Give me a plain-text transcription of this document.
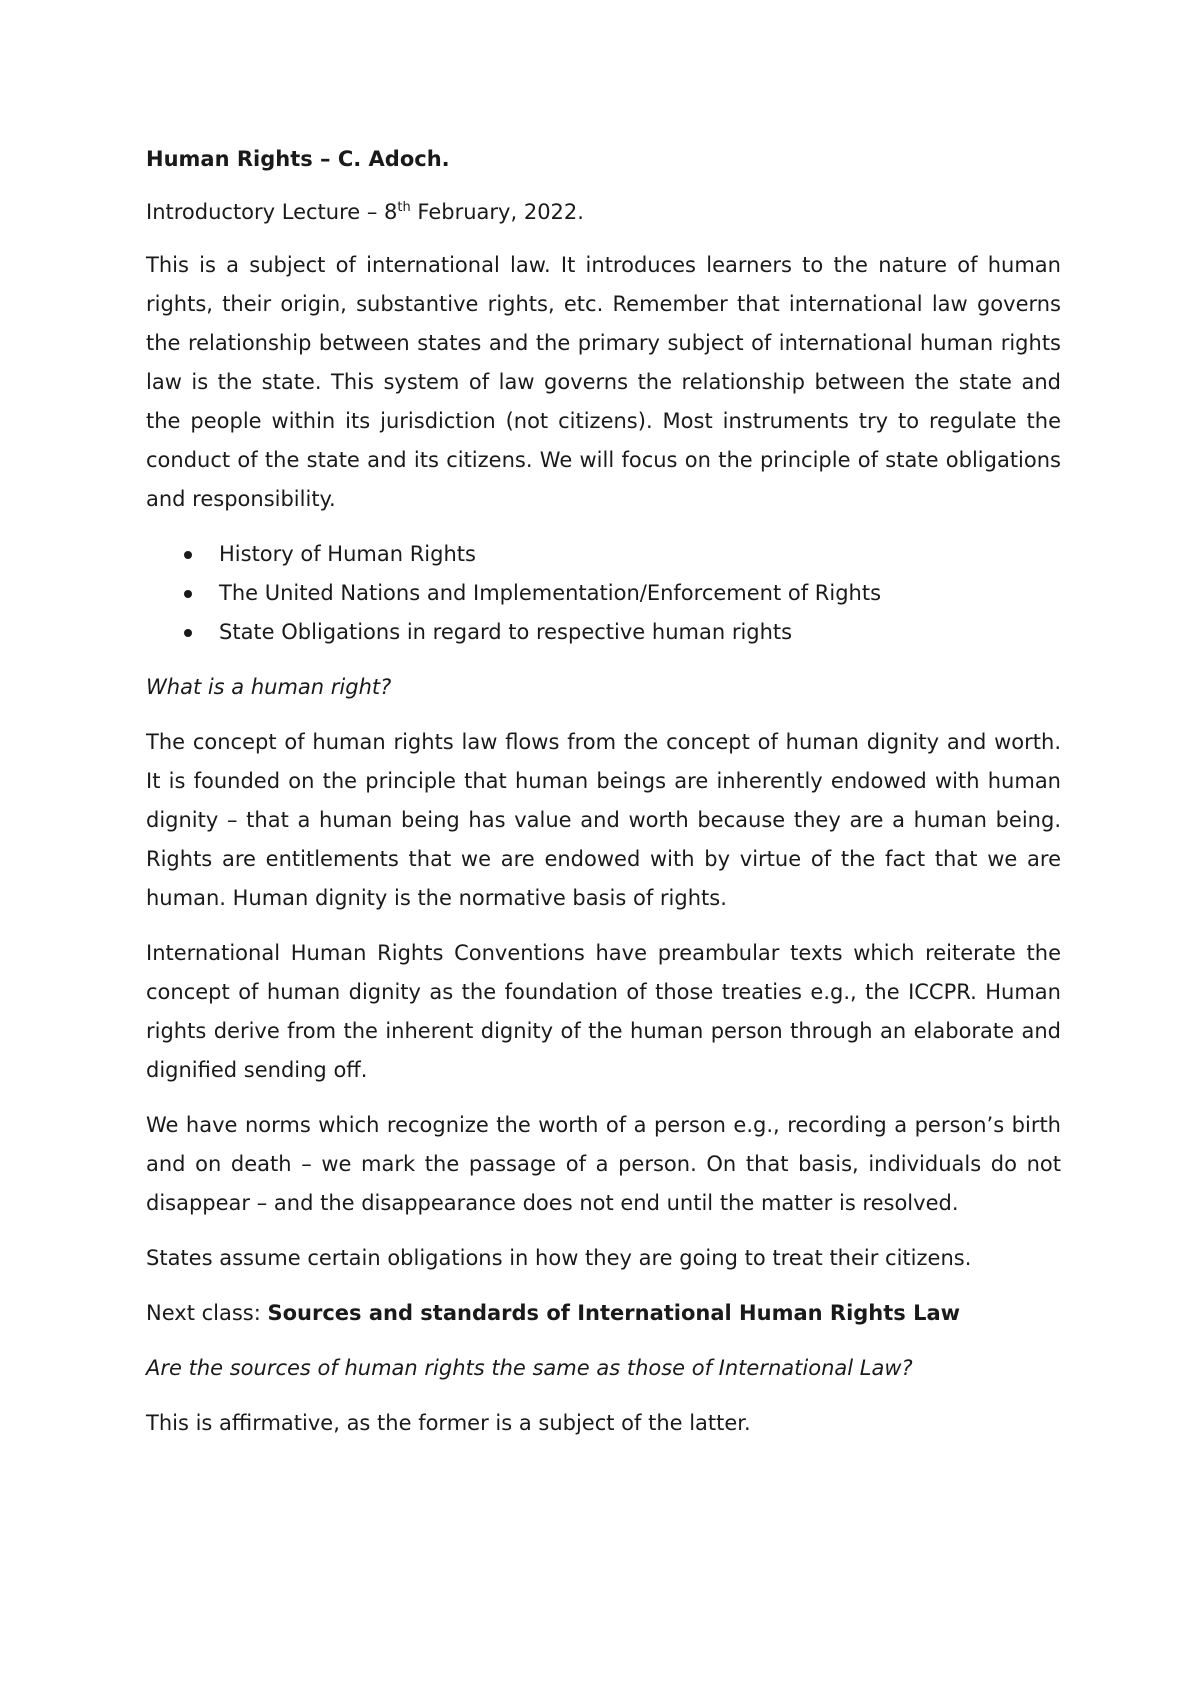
Human Rights – C. Adoch.

Introductory Lecture – 8th February, 2022.

This is a subject of international law. It introduces learners to the nature of human rights, their origin, substantive rights, etc. Remember that international law governs the relationship between states and the primary subject of international human rights law is the state. This system of law governs the relationship between the state and the people within its jurisdiction (not citizens). Most instruments try to regulate the conduct of the state and its citizens. We will focus on the principle of state obligations and responsibility.

History of Human Rights
The United Nations and Implementation/Enforcement of Rights
State Obligations in regard to respective human rights

What is a human right?

The concept of human rights law flows from the concept of human dignity and worth. It is founded on the principle that human beings are inherently endowed with human dignity – that a human being has value and worth because they are a human being. Rights are entitlements that we are endowed with by virtue of the fact that we are human. Human dignity is the normative basis of rights.

International Human Rights Conventions have preambular texts which reiterate the concept of human dignity as the foundation of those treaties e.g., the ICCPR. Human rights derive from the inherent dignity of the human person through an elaborate and dignified sending off.

We have norms which recognize the worth of a person e.g., recording a person’s birth and on death – we mark the passage of a person. On that basis, individuals do not disappear – and the disappearance does not end until the matter is resolved.

States assume certain obligations in how they are going to treat their citizens.

Next class: Sources and standards of International Human Rights Law

Are the sources of human rights the same as those of International Law?

This is affirmative, as the former is a subject of the latter.
